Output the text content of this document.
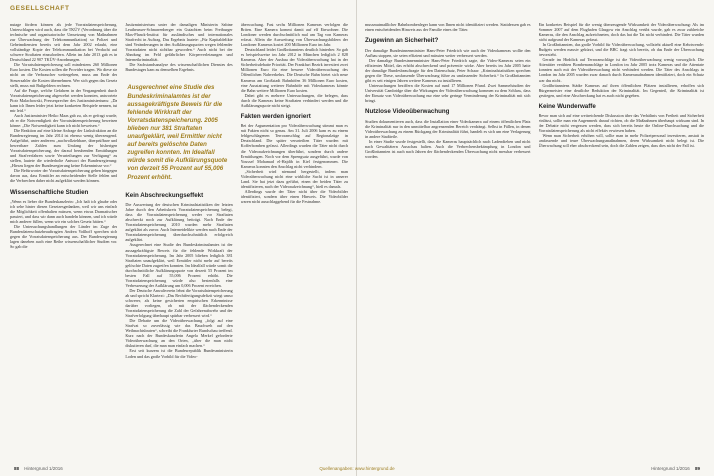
GESELLSCHAFT

nutage fördern können als jede Vorratsdatenspeicherung. Unterschlagen wird auch, dass die TKÜV (Verordnung über die technische und organisatorische Umsetzung von Maßnahmen zur Überwachung der Telekommunikation) so Polizei und Geheimdiensten bereits seit dem Jahr 2002 erlaubt, eine vollständige Kopie der Telekommunikation bei Verdacht auf schwere Straftaten einzufordern. Allein im Jahr 2013 gab es in Deutschland 22 907 TKÜV-Anordnungen.

Die Vorratsdatenspeicherung soll mindestens 260 Millionen Euro kosten. Die Kosten sollen die Provider tragen. Wo diese sie nicht an die Verbraucher weitergeben, muss am Ende der Steuerzahler die Kosten übernehmen. Wer sich gegen das Gesetz stellt, muss mit Bußgeldern rechnen.

Auf die Frage, welche Gefahren in der Vergangenheit durch Vorratsdatenspeicherung abgewehrt werden konnten, antwortete Piotr Malachowski, Pressesprecher des Justizministeriums: „Da kann ich Ihnen leider jetzt keine konkreten Beispiele nennen, tut mir leid.“

Auch Justizminister Heiko Maas gab zu, als er gefragt wurde, ob er die Notwendigkeit der Vorratsdatenspeicherung beweisen könne: „Die Notwendigkeit kann ich nicht beweisen.“

Die Reaktion auf eine kleine Anfrage der Linksfraktion an die Bundesregierung im Jahr 2014 ist ebenso wenig überzeugend. Aufgeführt, unter anderem „nachvollziehbare, überprüfbare und bewertbare Zahlen zum Umfang der bisherigen Vorratsdatenspeicherung, der darauf beruhenden Ermittlungen und Strafverfahren sowie Verurteilungen zur Verfügung“ zu stellen, lautete die wiederholte Antwort der Bundesregierung: „Hierzu liegen der Bundesregierung keine Erkenntnisse vor.“

Die Befürworter der Vorratsdatenspeicherung gehen hingegen davon aus, dass Ermittler an entscheidender Stelle fehlen und die Verbrechen daher nicht aufgeklärt werden können.

Wissenschaftliche Studien

„Wenn es lieber die Bundeskanzlerin: „Ich halt ich glaube oder ich sehe hinter diesen Gesetzesgedanken, weil wir uns einfach die Möglichkeit offenhalten müssen, wenn etwas Dramatisches passiert, und dass wir dann auch handeln können, und ich würde mich anderer füllen, wenn wir ein solches Gesetz hätten.“

Die Untersuchungshandlungen der Länder im Zuge der Bundesdatenschutzbeauftragten Andrea Voßhoff sprechen sich gegen die Vorratsdatenspeicherung aus. Der Bundesregierung lagen daneben auch eine Reihe wissenschaftlicher Studien vor. So gab die

Justizministerium unter der damaligen Ministerin Sabine Leutheusser-Schnarrenberger ein Gutachten beim Freiburger Max-Planck-Institut für ausländisches und internationales Strafrecht in Auftrag. Das Ergebnis lautete: „Für Kapitaldelikte sind Veränderungen in den Aufklärungsquoten wegen fehlender Vorratsdaten nicht sichtbar geworden.“ Auch nicht bei der Ahndung im Feld gefährlicher Körperverletzungen und Internetkriminalität.

Die Sachstandsanalyse des wissenschaftlichen Dienstes des Bundestages kam zu demselben Ergebnis.

Ausgerechnet eine Studie des Bundeskriminalamtes ist der aussagekräftigste Beweis für die fehlende Wirkkraft der Vorratsdatenspeicherung. 2005 blieben nur 381 Straftaten unaufgeklärt, weil Ermittler nicht auf bereits gelöschte Daten zugreifen konnten. Im Idealfall würde somit die Aufklärungsquote von derzeit 55 Prozent auf 55,006 Prozent erhöht.
Kein Abschreckungseffekt

Die Auswertung der deutschen Kriminalstatistiken der letzten Jahre durch den Arbeitskreis Vorratsdatenspeicherung belegt, dass die Vorratsdatenspeicherung weder vor Straftaten abschreckt noch zur Aufklärung beiträgt. Nach Ende der Vorratsdatenspeicherung 2010 wurden mehr Straftaten aufgeklärt als zuvor. Auch Internetdelikte werden nach Ende der Vorratsdatenspeicherung überdurchschnittlich erfolgreich aufgeklärt.

Ausgerechnet eine Studie des Bundeskriminalamtes ist der aussagekräftigste Beweis für die fehlende Wirkkraft der Vorratsdatenspeicherung. Im Jahr 2005 blieben lediglich 381 Straftaten unaufgeklärt, weil Ermittler nicht mehr auf bereits gelöschte Daten zugreifen konnten. Im Idealfall würde somit die durchschnittliche Aufklärungsquote von derzeit 55 Prozent im besten Fall auf 55,006 Prozent erhöht. Die Vorratsdatenspeicherung würde also bestenfalls eine Verbesserung der Aufklärung um 0,006 Prozent erreichen.

Der Deutsche Anwaltverein lehnt die Vorratsdatenspeicherung ab und spricht Klartext: „Das Rechtfertigungsdefizit wiegt umso schwerer, als keine gesicherten empirischen Erkenntnisse darüber vorliegen, ob mit der flächendeckenden Vorratsdatenspeicherung die Zahl der Gefahrenabwehr und der Strafverfolgung überhaupt spürbar verbessert wird.“

Die Debatte um die Videoüberwachung „folgt auf eine Strafvat so zuverlässig wie das Bauchweh auf den Weihnachtsbraten“, schreibt die Frankfurter Rundschau treffend. Kurz nach der Bundeskanzlerin Angela Merkel geforderte Videoüberwachung an den Orten, „über die man nicht diskutieren darf, die man man einfach machen.“

Erst seit kurzem ist die Bundesrepublik Bundesministerin Loden und das große Vorbild für die Video-

überwachung. Fast sechs Millionen Kameras verfolgen die Briten. Eine Kamera kommt damit auf elf Einwohner. Die Londoner werden durchschnittlich mal am Tag von Kameras erfasst. Allein die Ausweitung von Überwachungsbildern der Londoner Kameras kostet 200 Millionen Euro im Jahr.

Deutschland leidet Großbritanniens deutlich hinterher. So gab es beispielsweise im Jahr 2012 in München lediglich 2 828 Kameras. Aber der Ausbau der Videoüberwachung hat in der Sicherheitsdebatte Priorität. Der Frankfurt Bezirk investiert zwei Millionen Euro für eine bessere Videoüberwachung des Öffentlichen Nahverkehrs. Die Deutsche Bahn bietet sich neue Kameras am Großstadt Bahnhöfen 36 Millionen Euro kosten, eine Ausstattung weiterer Bahnhöfe mit Videokameras könnte die Bahn weitere Millionen Euro kosten.

Dabei gibt es mehrere Untersuchungen, die belegen, dass durch die Kameras keine Straftaten verhindert werden und die Aufklärungsquote nicht steigt.

Fakten werden ignoriert

Bei der Argumentation pro Videoüberwachung stimmt man es mit Fakten nicht so genau. Am 31. Juli 2006 kam es zu einem fehlgeschlagenen Terroranschlag auf Regionalzüge in Deutschland. Die später verurteilten Täter wurden mit Kofferbomben gefasst. Allerdings wurden die Täter nicht durch die Videoaufzeichnungen überführt, sondern durch andere Ermittlungen. Noch vor dem Sprengsatz ausgeführt, wurde von Youssef Mohamad el-Hajdib in Kiel festgenommen. Die Kameras konnten den Anschlag nicht verhindern.

„Sicherheit wird niemand hergestellt, indem man Videoüberwachung nicht eine wirkliche Sucht ist in unserer Land. Sie hat jetzt dazu geführt, einen der beiden Täter zu identifizieren, nach der Videoaufzeichnung“, hieß es damals.

Allerdings wurde der Täter nicht über die Videobilder identifiziert, sondern über einen Hinweis. Die Videobilder waren nicht ausschlaggebend für die Festnahme.

88 Hintergrund 1/2016

mussmutmaßlicher Bahnbombenleger kann von Ihnen nicht identifiziert werden. Stattdessen gab es einen entscheidenden Hinweis aus der Familie eines der Täter.

Zugewinn an Sicherheit?

Der damalige Bundesinnenminister Hans-Peter Friedrich wie auch der Videokameras wollte den Aufbau stoppen, sie seien effizient und müssten weiter verbessert werden.

Der damalige Bundesinnenminister Hans-Peter Friedrich sagte, die Video-Kameras seien ein effizientes Mittel, das erhöht abschreckend und präventiv wirke. Aber bereits im Jahr 2005 hatte der damalige Bundesbeauftragte für den Datenschutz, Peter Schaar: „Kriminalstatistiken sprechen gegen die These, umfassende Überwachung führe zu umfassender Sicherheit.“ In Großbritannien gibt es seit einigen Jahren weitere Kameras zu installieren.

Untersuchungen beziffern die Kosten auf rund 17 Millionen Pfund. Zwei Sammelstudien der Universität Cambridge über die Wirkungen der Videoüberwachung kommen zu dem Schluss, dass der Einsatz von Videoüberwachung nur eine sehr geringe Verminderung der Kriminalität mit sich bringt.

Nutzlose Videoüberwachung

Studien dokumentieren auch, dass die Installation einer Videokamera auf einem öffentlichen Platz die Kriminalität nur in den unmittelbar angrenzenden Bereich verdrängt. Selbst in Fällen, in denen Videoüberwachung zu einem Rückgang der Kriminalität führt, handelt es sich um eine Verlagerung in andere Stadtteile.

In einer Studie wurde festgestellt, dass die Kameras hauptsächlich nach Ladendieben und nicht nach Gewalttätern Ausschau halten. Auch die Verbrechensbekämpfung in London und Großbritannien ist auch nach Jahren der flächendeckenden Überwachung nicht messbar verbessert worden.

Ein konkretes Beispiel für die wenig überzeugende Wirksamkeit der Videoüberwachung: Als im Sommer 2007 auf dem Flughafen Glasgow ein Anschlag verübt wurde, gab es zwar zahlreiche Kameras, die den Anschlag aufzeichneten, doch das hat die Tat nicht verhindert. Die Täter wurden nicht aufgrund der Kameras gefasst.

In Großbritannien, das große Vorbild für Videoüberwachung, vollzieht aktuell eine Kehrtwende: Budgets werden massiv gekürzt, und die BBC fragt sich bereits, ob das Ende der Überwachung bevorsteht.

Gerade im Hinblick auf Terroranschläge ist die Videoüberwachung wenig vorsorglich. Die Attentäter verübten Bombenanschläge in London im Jahr 2005 trotz Kameras und die Attentate konnten auch mit der Videoüberwachung nicht verhindert werden. Die Täter des Anschlags in London im Jahr 2005 wurden zwar danach durch Kameraaufnahmen identifiziert, doch ein Schutz war das nicht.

Großbritanniens Städte Kameras auf ihren öffentlichen Plätzen installieren, erhoffen sich Bürgermeister eine deutliche Reduktion der Kriminalität. Im Gegenteil, die Kriminalität ist gestiegen, und eine Abschreckung hat es auch nicht gegeben.

Keine Wunderwaffe

Bevor man sich auf eine weitreichende Diskussion über das Verhältnis von Freiheit und Sicherheit einlässt, sollte man ein Augenmerk darauf richten, ob die Maßnahmen überhaupt wirksam sind. In der Debatte nicht vergessen werden, dass sich bereits heute die Online-Durchsuchung und die Vorratsdatenspeicherung als nicht effektiv erwiesen haben.

Wenn man Sicherheit erhöhen will, sollte man in mehr Polizeipersonal investieren, anstatt in umfassende und teure Überwachungsmaßnahmen, deren Wirksamkeit nicht belegt ist. Die Überwachung soll eher abschreckend sein, doch die Zahlen zeigen, dass dies nicht der Fall ist.

Hintergrund 1/2016 89
Quellenangaben: www.hintergrund.de
